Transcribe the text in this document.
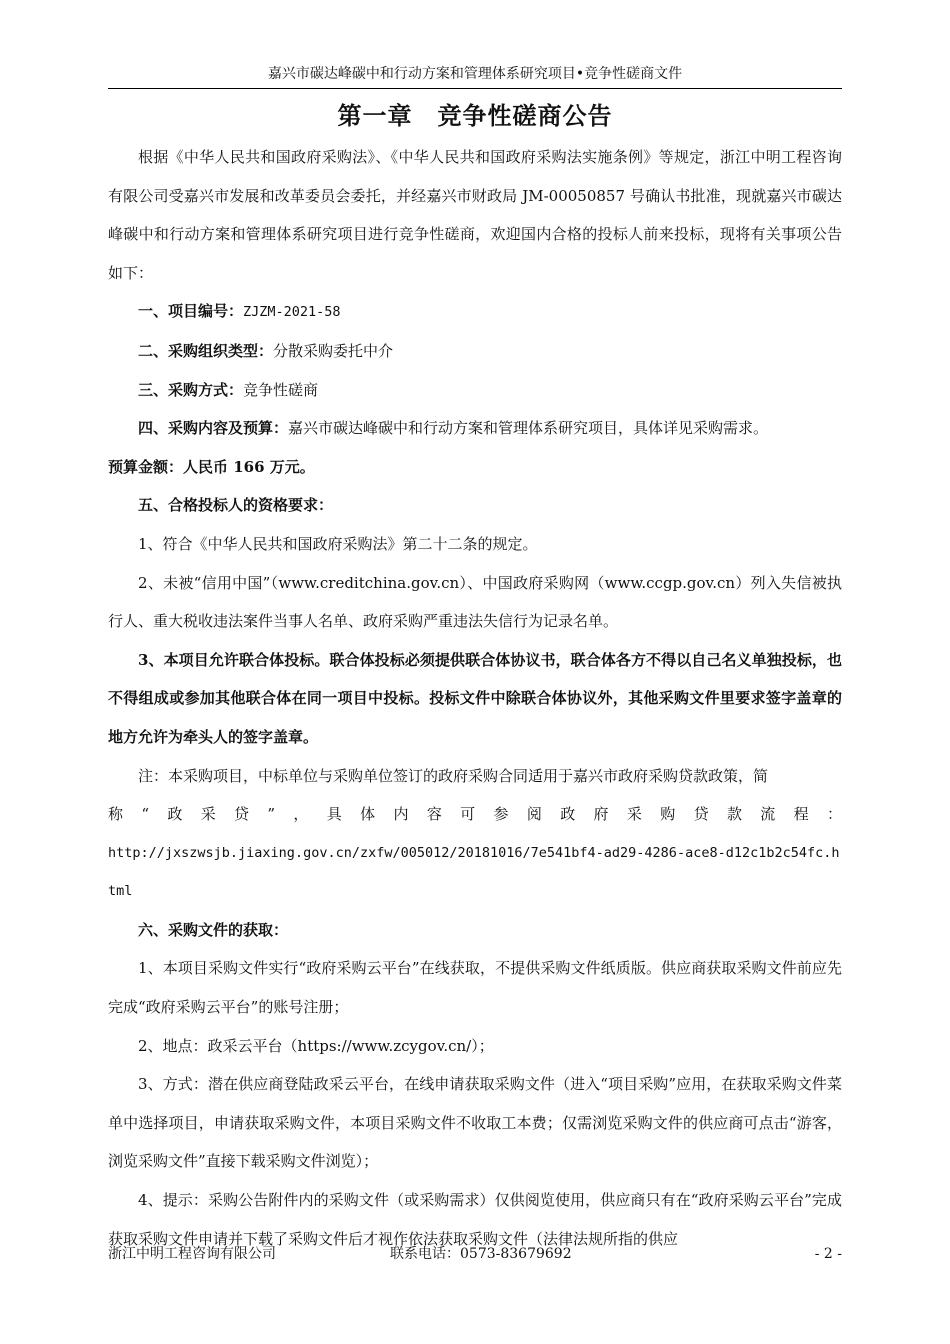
嘉兴市碳达峰碳中和行动方案和管理体系研究项目•竞争性磋商文件
第一章　竞争性磋商公告

根据《中华人民共和国政府采购法》、《中华人民共和国政府采购法实施条例》等规定，浙江中明工程咨询有限公司受嘉兴市发展和改革委员会委托，并经嘉兴市财政局 JM-00050857 号确认书批准，现就嘉兴市碳达峰碳中和行动方案和管理体系研究项目进行竞争性磋商，欢迎国内合格的投标人前来投标，现将有关事项公告如下：

一、项目编号：ZJZM-2021-58

二、采购组织类型：分散采购委托中介

三、采购方式：竞争性磋商

四、采购内容及预算：嘉兴市碳达峰碳中和行动方案和管理体系研究项目，具体详见采购需求。

预算金额：人民币 166 万元。

五、合格投标人的资格要求：

1、符合《中华人民共和国政府采购法》第二十二条的规定。

2、未被“信用中国”（www.creditchina.gov.cn）、中国政府采购网（www.ccgp.gov.cn）列入失信被执行人、重大税收违法案件当事人名单、政府采购严重违法失信行为记录名单。

3、本项目允许联合体投标。联合体投标必须提供联合体协议书，联合体各方不得以自己名义单独投标，也不得组成或参加其他联合体在同一项目中投标。投标文件中除联合体协议外，其他采购文件里要求签字盖章的地方允许为牵头人的签字盖章。

注：本采购项目，中标单位与采购单位签订的政府采购合同适用于嘉兴市政府采购贷款政策，简

称“政采贷”，具体内容可参阅政府采购贷款流程：

http://jxszwsjb.jiaxing.gov.cn/zxfw/005012/20181016/7e541bf4-ad29-4286-ace8-d12c1b2c54fc.html

六、采购文件的获取：

1、本项目采购文件实行“政府采购云平台”在线获取，不提供采购文件纸质版。供应商获取采购文件前应先完成“政府采购云平台”的账号注册；

2、地点：政采云平台（https://www.zcygov.cn/）；

3、方式：潜在供应商登陆政采云平台，在线申请获取采购文件（进入“项目采购”应用，在获取采购文件菜单中选择项目，申请获取采购文件，本项目采购文件不收取工本费；仅需浏览采购文件的供应商可点击“游客，浏览采购文件”直接下载采购文件浏览）；

4、提示：采购公告附件内的采购文件（或采购需求）仅供阅览使用，供应商只有在“政府采购云平台”完成获取采购文件申请并下载了采购文件后才视作依法获取采购文件（法律法规所指的供应

浙江中明工程咨询有限公司	联系电话：0573-83679692	- 2 -
